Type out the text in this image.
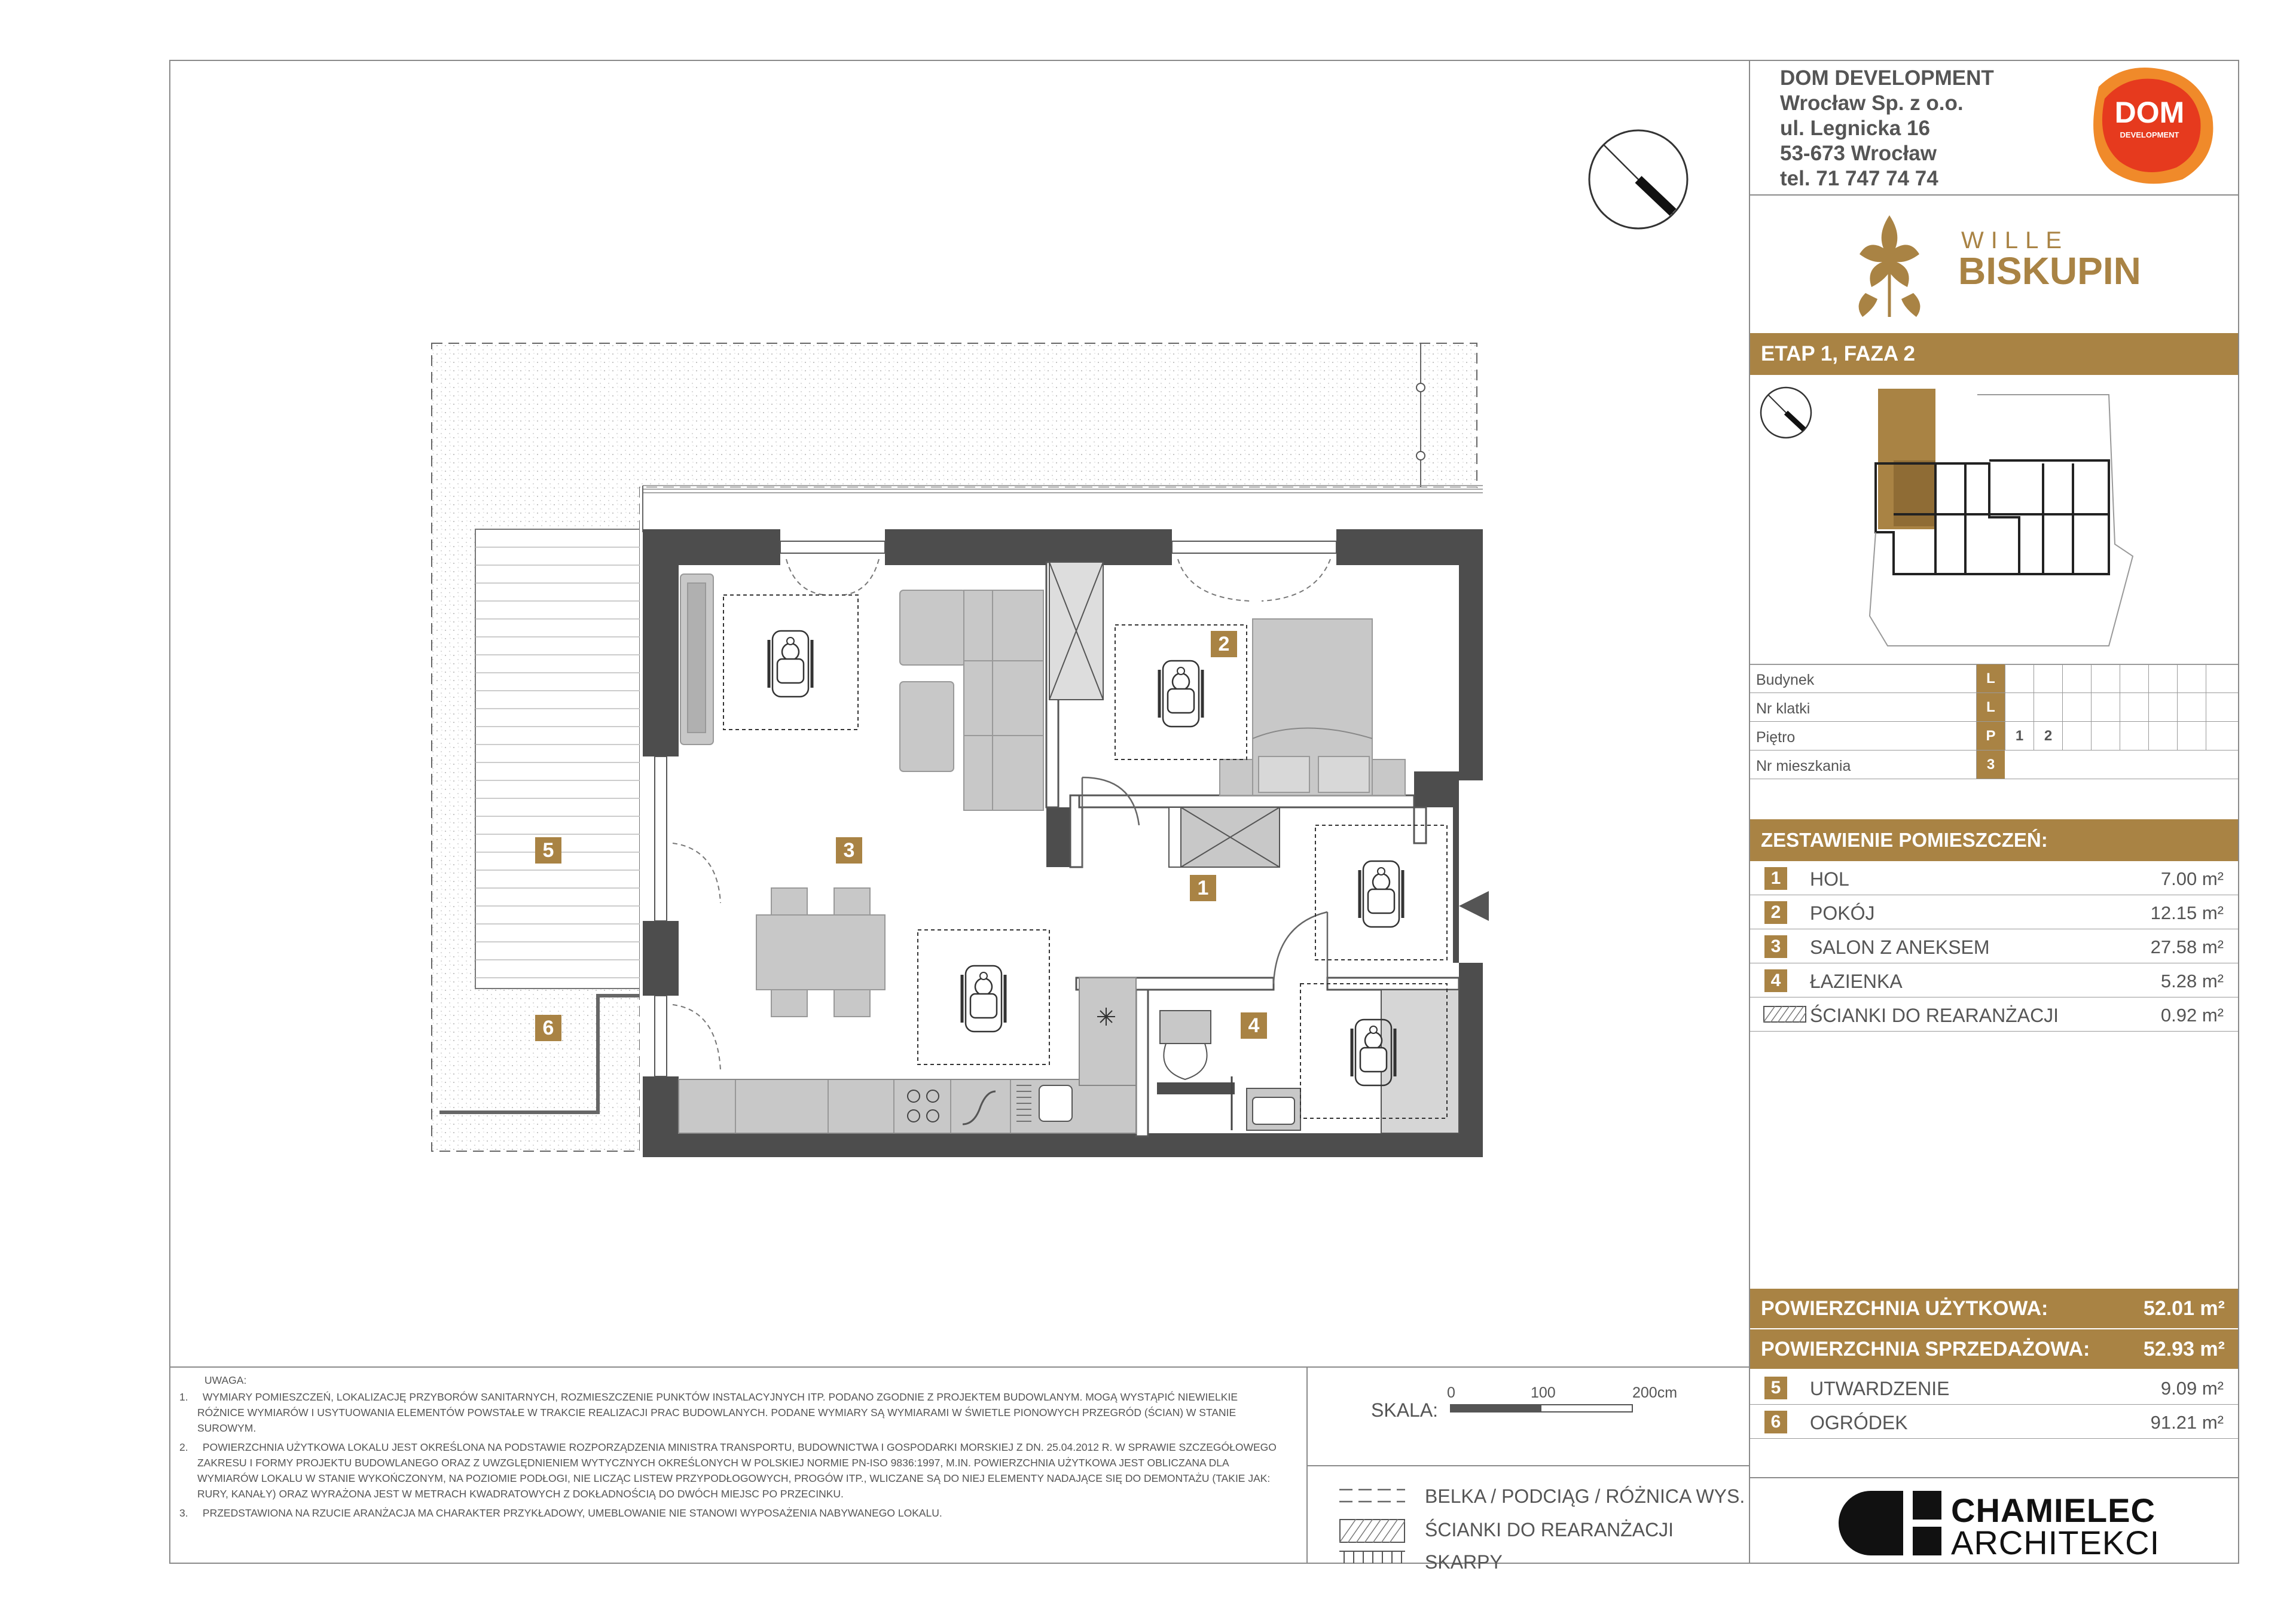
DOM DEVELOPMENT
Wrocław Sp. z o.o.
ul. Legnicka 16
53-673 Wrocław
tel. 71 747 74 74
DOM
DEVELOPMENT
WILLE
BISKUPIN
ETAP 1, FAZA 2
Budynek	L
Nr klatki	L
Piętro	P	1	2
Nr mieszkania	3
ZESTAWIENIE POMIESZCZEŃ:
1	HOL	7.00 m²
2	POKÓJ	12.15 m²
3	SALON Z ANEKSEM	27.58 m²
4	ŁAZIENKA	5.28 m²
ŚCIANKI DO REARANŻACJI	0.92 m²
POWIERZCHNIA UŻYTKOWA:	52.01 m²
POWIERZCHNIA SPRZEDAŻOWA:	52.93 m²
5	UTWARDZENIE	9.09 m²
6	OGRÓDEK	91.21 m²
CHAMIELEC
ARCHITEKCI
UWAGA:

1.     WYMIARY POMIESZCZEŃ, LOKALIZACJĘ PRZYBORÓW SANITARNYCH, ROZMIESZCZENIE PUNKTÓW INSTALACYJNYCH ITP. PODANO ZGODNIE Z PROJEKTEM BUDOWLANYM. MOGĄ WYSTĄPIĆ NIEWIELKIE RÓŻNICE WYMIARÓW I USYTUOWANIA ELEMENTÓW POWSTAŁE W TRAKCIE REALIZACJI PRAC BUDOWLANYCH. PODANE WYMIARY SĄ WYMIARAMI W ŚWIETLE PIONOWYCH PRZEGRÓD (ŚCIAN) W STANIE SUROWYM.

2.     POWIERZCHNIA UŻYTKOWA LOKALU JEST OKREŚLONA NA PODSTAWIE ROZPORZĄDZENIA MINISTRA TRANSPORTU, BUDOWNICTWA I GOSPODARKI MORSKIEJ Z DN. 25.04.2012 R. W SPRAWIE SZCZEGÓŁOWEGO ZAKRESU I FORMY PROJEKTU BUDOWLANEGO ORAZ Z UWZGLĘDNIENIEM WYTYCZNYCH OKREŚLONYCH W POLSKIEJ NORMIE PN-ISO 9836:1997, M.IN. POWIERZCHNIA UŻYTKOWA JEST OBLICZANA DLA WYMIARÓW LOKALU W STANIE WYKOŃCZONYM, NA POZIOMIE PODŁOGI, NIE LICZĄC LISTEW PRZYPODŁOGOWYCH, PROGÓW ITP., WLICZANE SĄ DO NIEJ ELEMENTY NADAJĄCE SIĘ DO DEMONTAŻU (TAKIE JAK: RURY, KANAŁY) ORAZ WYRAŻONA JEST W METRACH KWADRATOWYCH Z DOKŁADNOŚCIĄ DO DWÓCH MIEJSC PO PRZECINKU.

3.     PRZEDSTAWIONA NA RZUCIE ARANŻACJA MA CHARAKTER PRZYKŁADOWY, UMEBLOWANIE NIE STANOWI WYPOSAŻENIA NABYWANEGO LOKALU.

SKALA:
0	100	200cm
BELKA / PODCIĄG / RÓŻNICA WYS.
ŚCIANKI DO REARANŻACJI
SKARPY
1
2
3
4
5
6
